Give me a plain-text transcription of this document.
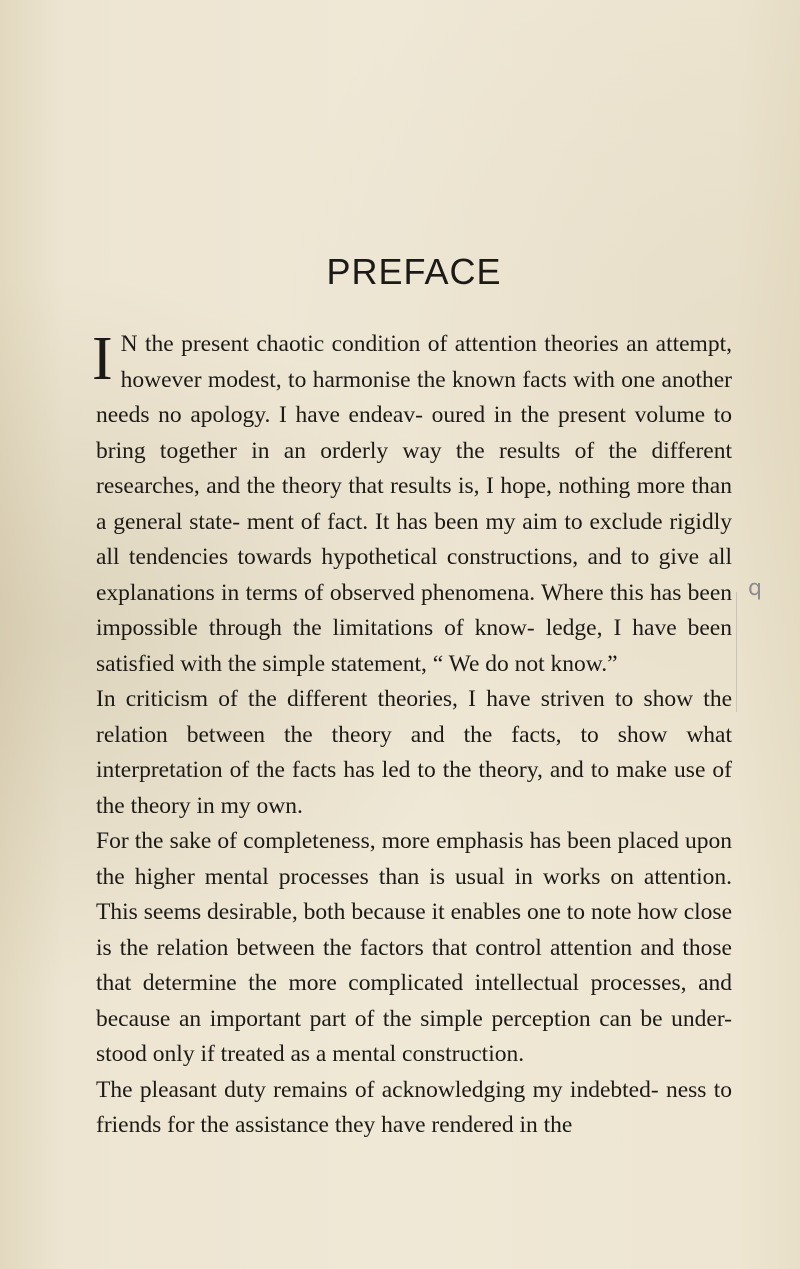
PREFACE

I N the present chaotic condition of attention theories an attempt, however modest, to harmonise the known facts with one another needs no apology. I have endeav- oured in the present volume to bring together in an orderly way the results of the different researches, and the theory that results is, I hope, nothing more than a general state- ment of fact. It has been my aim to exclude rigidly all tendencies towards hypothetical constructions, and to give all explanations in terms of observed phenomena. Where this has been impossible through the limitations of know- ledge, I have been satisfied with the simple statement, “ We do not know.”

In criticism of the different theories, I have striven to show the relation between the theory and the facts, to show what interpretation of the facts has led to the theory, and to make use of the theory in my own.

For the sake of completeness, more emphasis has been placed upon the higher mental processes than is usual in works on attention. This seems desirable, both because it enables one to note how close is the relation between the factors that control attention and those that determine the more complicated intellectual processes, and because an important part of the simple perception can be under- stood only if treated as a mental construction.

The pleasant duty remains of acknowledging my indebted- ness to friends for the assistance they have rendered in the

q
